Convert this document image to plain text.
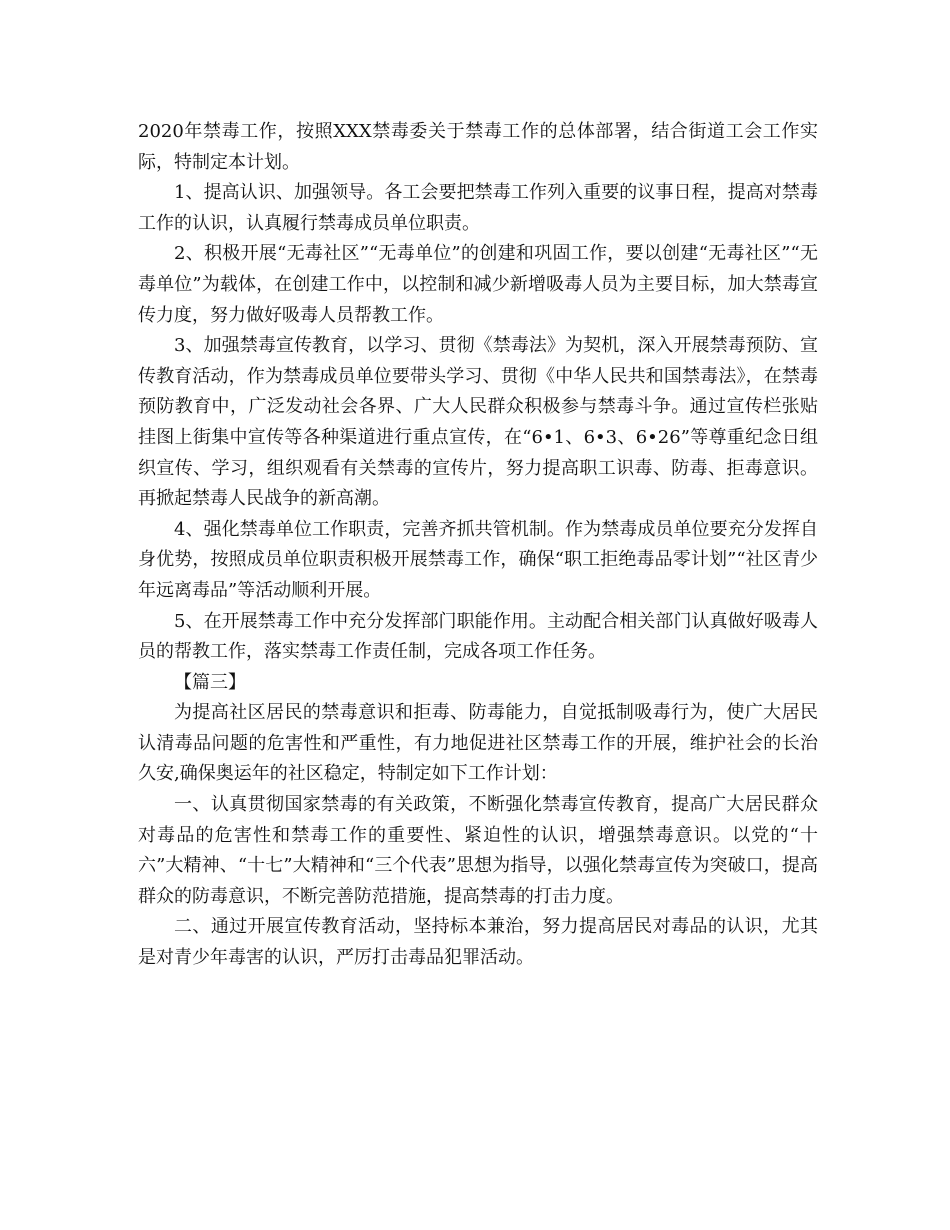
2020年禁毒工作，按照XXX禁毒委关于禁毒工作的总体部署，结合街道工会工作实际，特制定本计划。

1、提高认识、加强领导。各工会要把禁毒工作列入重要的议事日程，提高对禁毒工作的认识，认真履行禁毒成员单位职责。

2、积极开展“无毒社区”“无毒单位”的创建和巩固工作，要以创建“无毒社区”“无毒单位”为载体，在创建工作中，以控制和减少新增吸毒人员为主要目标，加大禁毒宣传力度，努力做好吸毒人员帮教工作。

3、加强禁毒宣传教育，以学习、贯彻《禁毒法》为契机，深入开展禁毒预防、宣传教育活动，作为禁毒成员单位要带头学习、贯彻《中华人民共和国禁毒法》，在禁毒预防教育中，广泛发动社会各界、广大人民群众积极参与禁毒斗争。通过宣传栏张贴挂图上街集中宣传等各种渠道进行重点宣传，在“6•1、6•3、6•26”等尊重纪念日组织宣传、学习，组织观看有关禁毒的宣传片，努力提高职工识毒、防毒、拒毒意识。再掀起禁毒人民战争的新高潮。

4、强化禁毒单位工作职责，完善齐抓共管机制。作为禁毒成员单位要充分发挥自身优势，按照成员单位职责积极开展禁毒工作，确保“职工拒绝毒品零计划”“社区青少年远离毒品”等活动顺利开展。

5、在开展禁毒工作中充分发挥部门职能作用。主动配合相关部门认真做好吸毒人员的帮教工作，落实禁毒工作责任制，完成各项工作任务。

【篇三】

为提高社区居民的禁毒意识和拒毒、防毒能力，自觉抵制吸毒行为，使广大居民认清毒品问题的危害性和严重性，有力地促进社区禁毒工作的开展，维护社会的长治久安,确保奥运年的社区稳定，特制定如下工作计划：

一、认真贯彻国家禁毒的有关政策，不断强化禁毒宣传教育，提高广大居民群众对毒品的危害性和禁毒工作的重要性、紧迫性的认识，增强禁毒意识。以党的“十六”大精神、“十七”大精神和“三个代表”思想为指导，以强化禁毒宣传为突破口，提高群众的防毒意识，不断完善防范措施，提高禁毒的打击力度。

二、通过开展宣传教育活动，坚持标本兼治，努力提高居民对毒品的认识，尤其是对青少年毒害的认识，严厉打击毒品犯罪活动。
